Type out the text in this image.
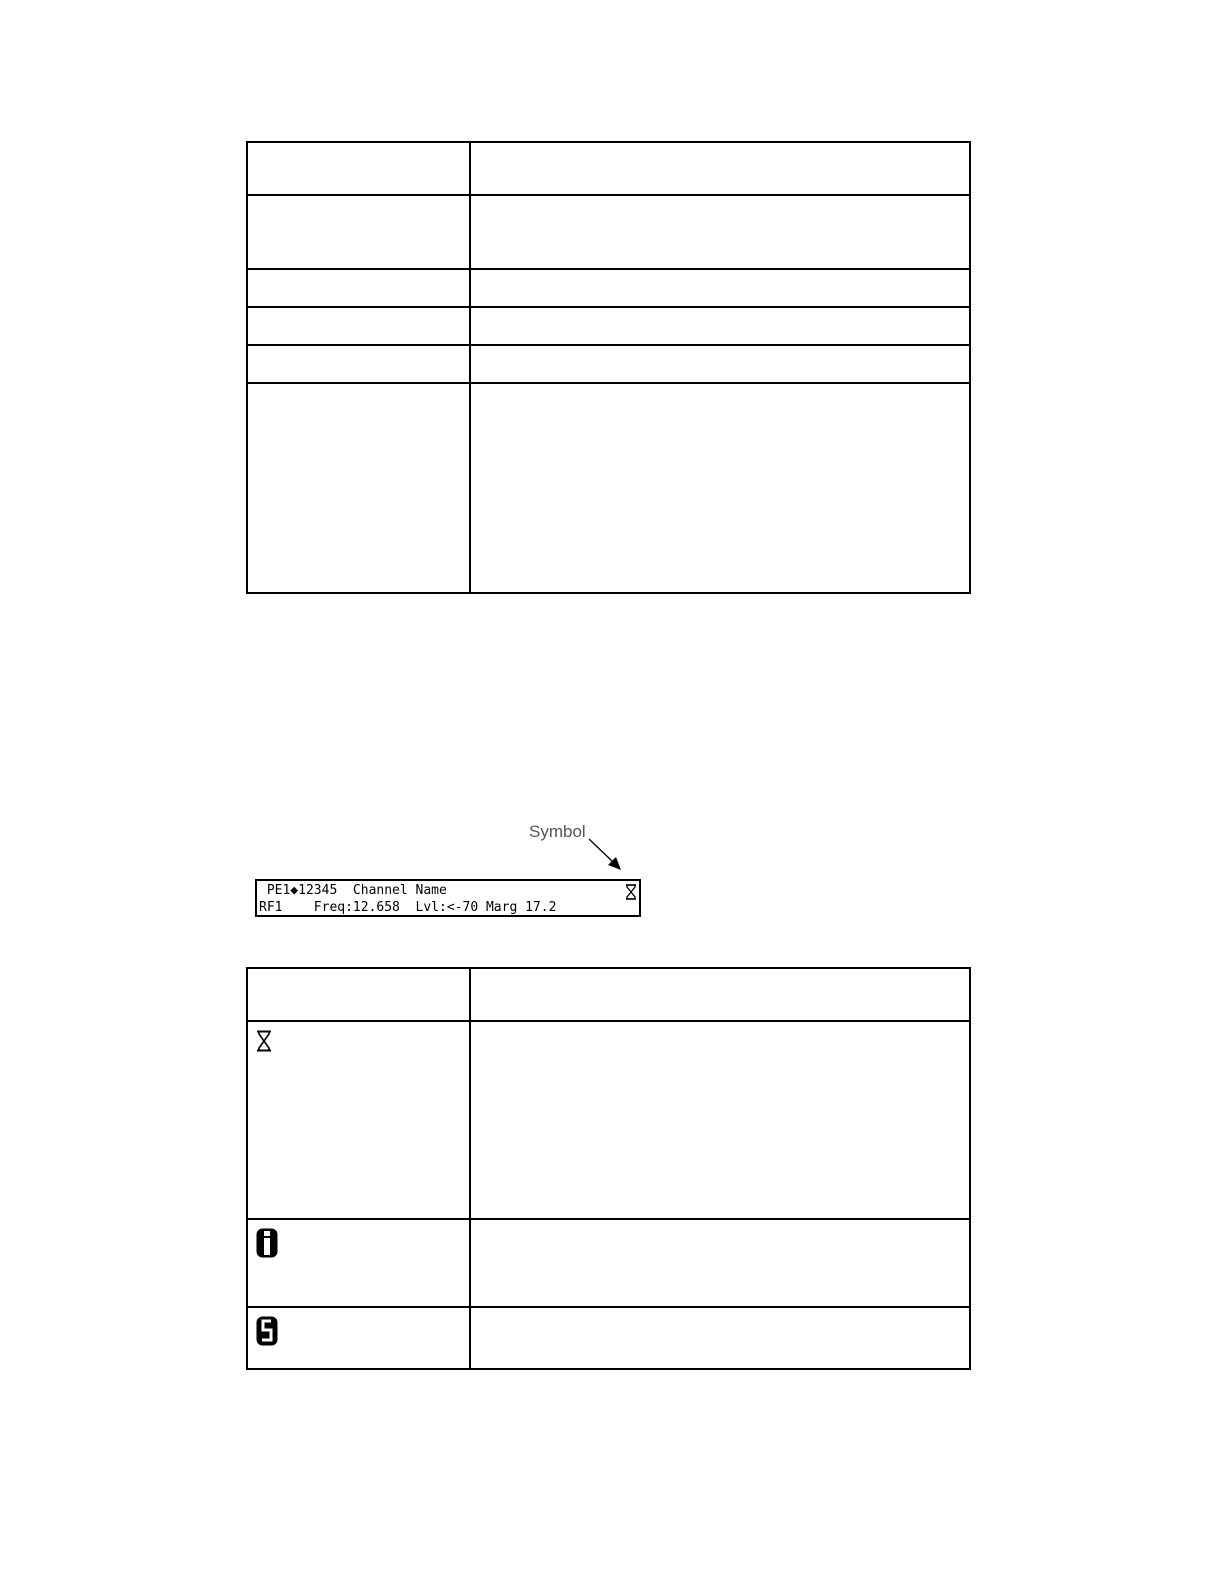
Symbol

PE1◆12345  Channel Name

RF1    Freq:12.658  Lvl:<-70 Marg 17.2
